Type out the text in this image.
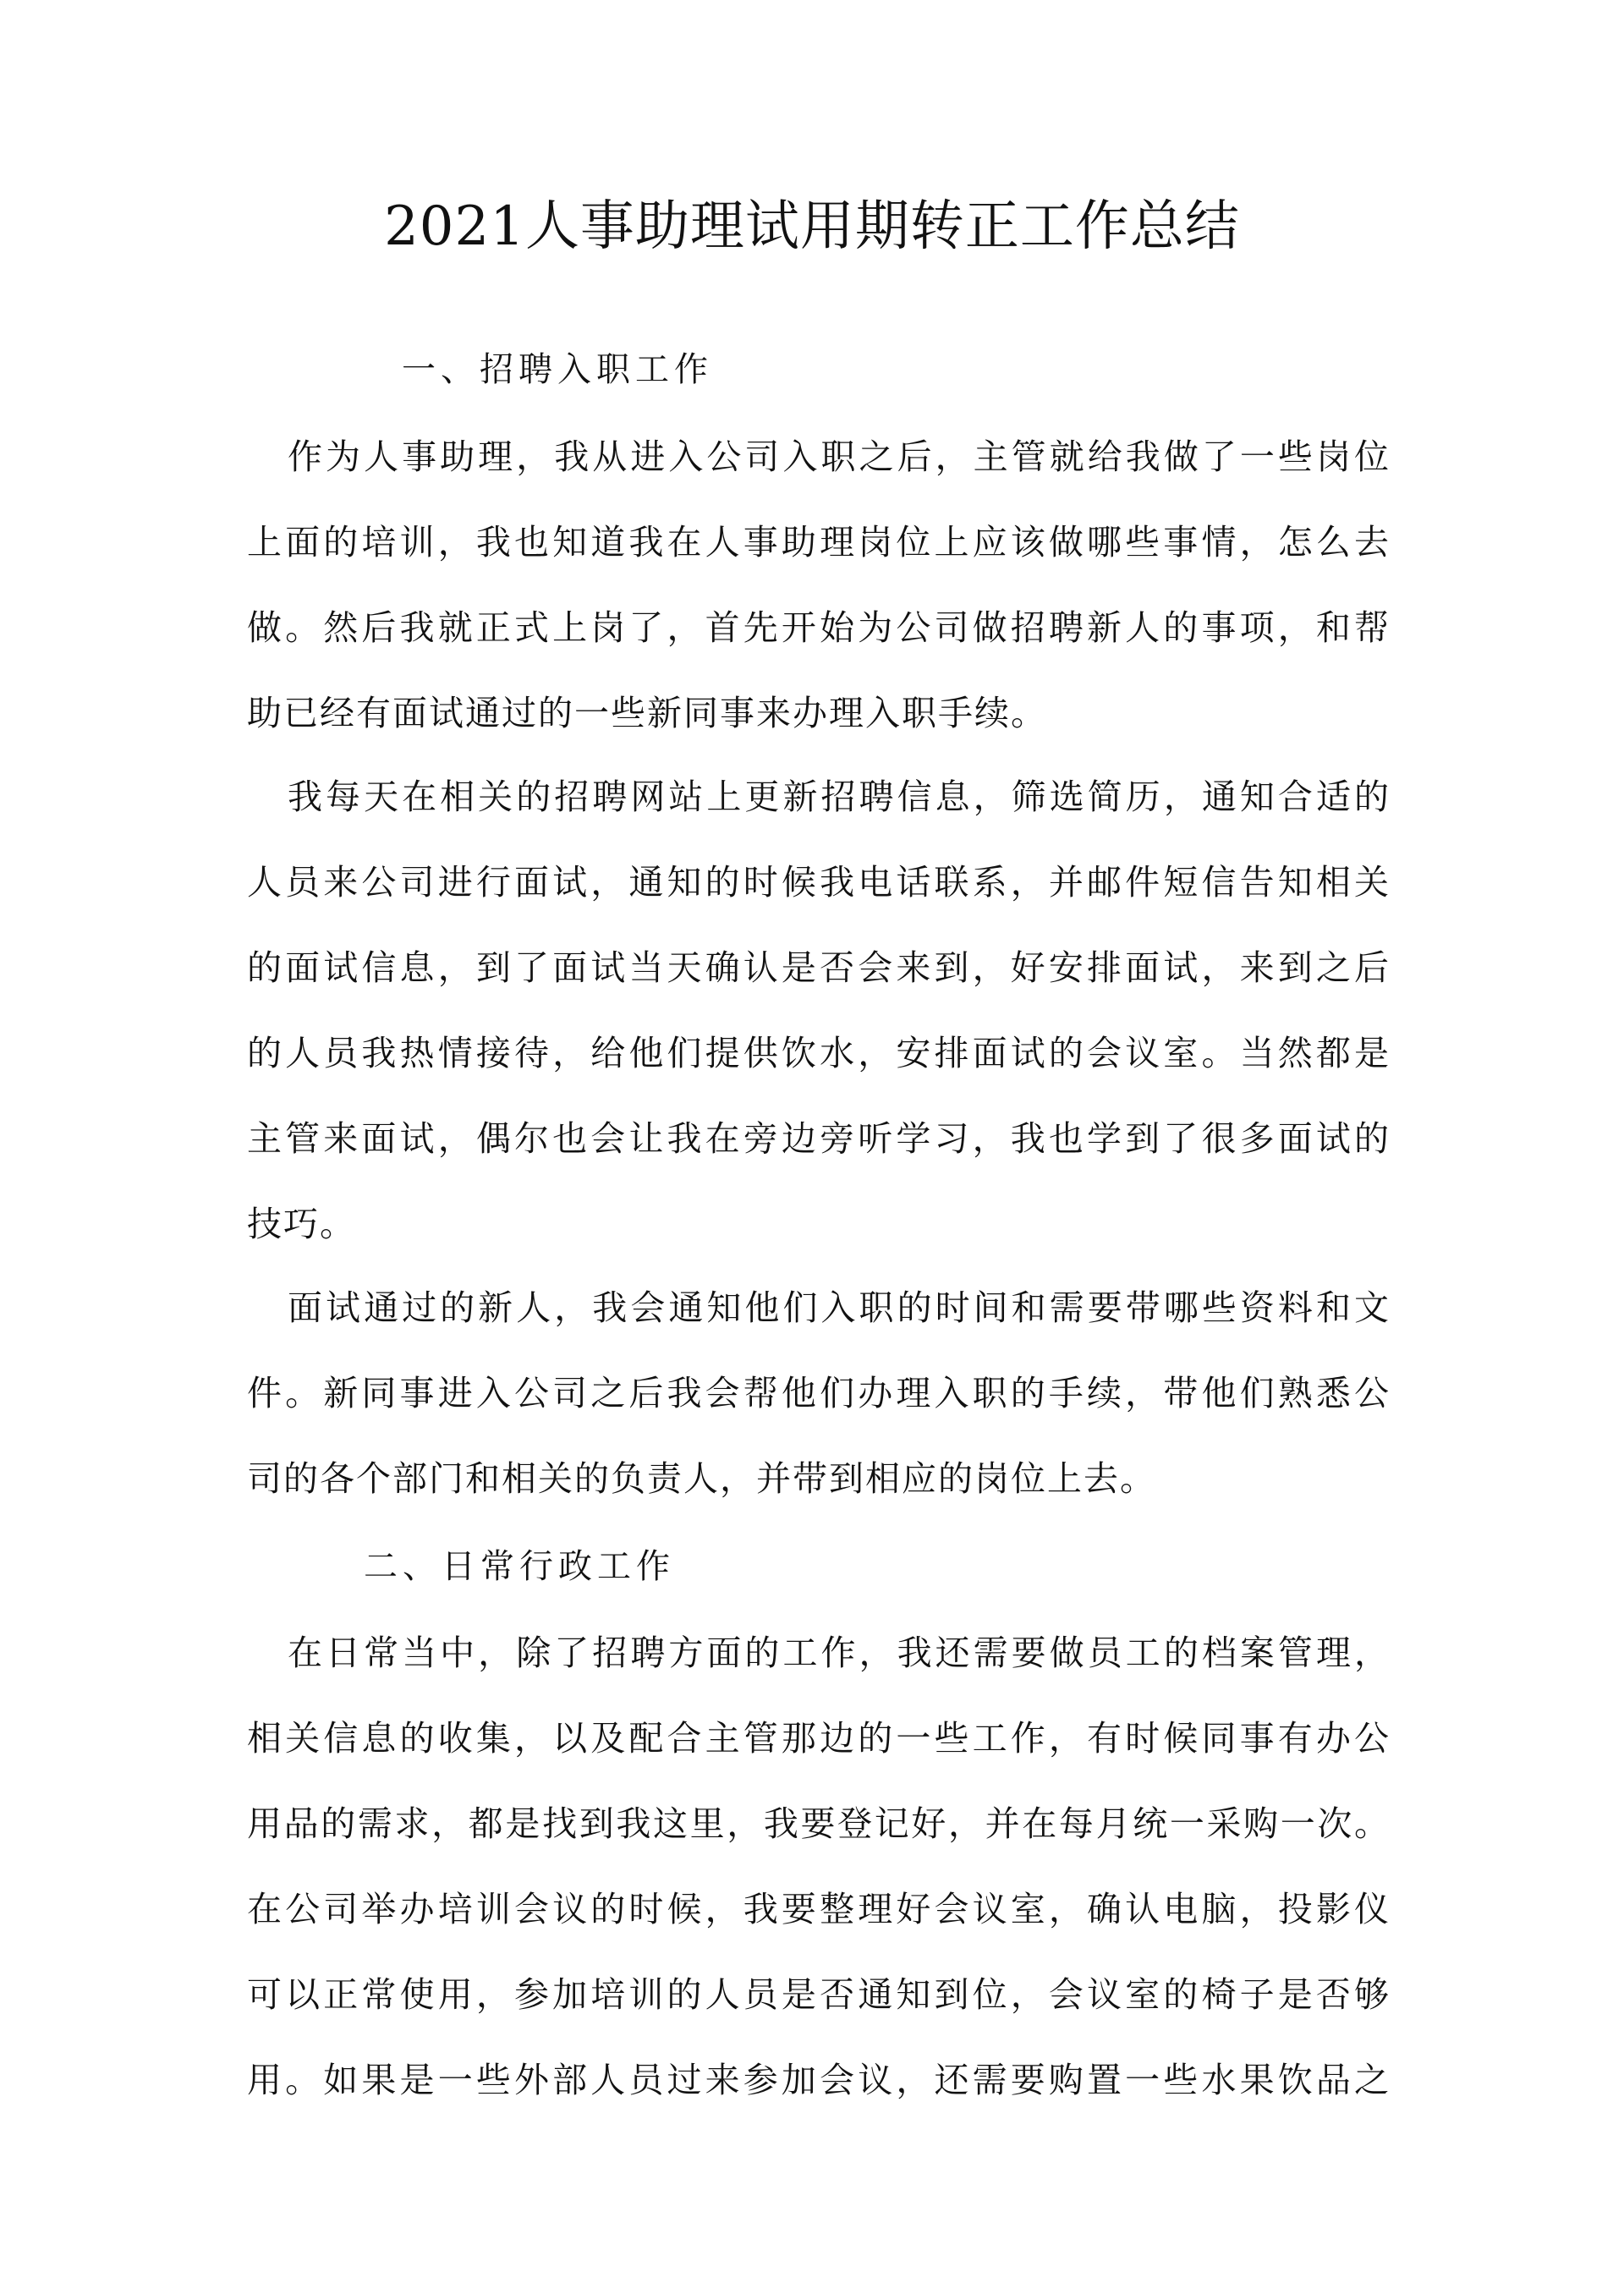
2021人事助理试用期转正工作总结
一、招聘入职工作
作为人事助理，我从进入公司入职之后，主管就给我做了一些岗位
上面的培训，我也知道我在人事助理岗位上应该做哪些事情，怎么去
做。然后我就正式上岗了，首先开始为公司做招聘新人的事项，和帮
助已经有面试通过的一些新同事来办理入职手续。
我每天在相关的招聘网站上更新招聘信息，筛选简历，通知合适的
人员来公司进行面试，通知的时候我电话联系，并邮件短信告知相关
的面试信息，到了面试当天确认是否会来到，好安排面试，来到之后
的人员我热情接待，给他们提供饮水，安排面试的会议室。当然都是
主管来面试，偶尔也会让我在旁边旁听学习，我也学到了很多面试的
技巧。
面试通过的新人，我会通知他们入职的时间和需要带哪些资料和文
件。新同事进入公司之后我会帮他们办理入职的手续，带他们熟悉公
司的各个部门和相关的负责人，并带到相应的岗位上去。
二、日常行政工作
在日常当中，除了招聘方面的工作，我还需要做员工的档案管理，
相关信息的收集，以及配合主管那边的一些工作，有时候同事有办公
用品的需求，都是找到我这里，我要登记好，并在每月统一采购一次。
在公司举办培训会议的时候，我要整理好会议室，确认电脑，投影仪
可以正常使用，参加培训的人员是否通知到位，会议室的椅子是否够
用。如果是一些外部人员过来参加会议，还需要购置一些水果饮品之
